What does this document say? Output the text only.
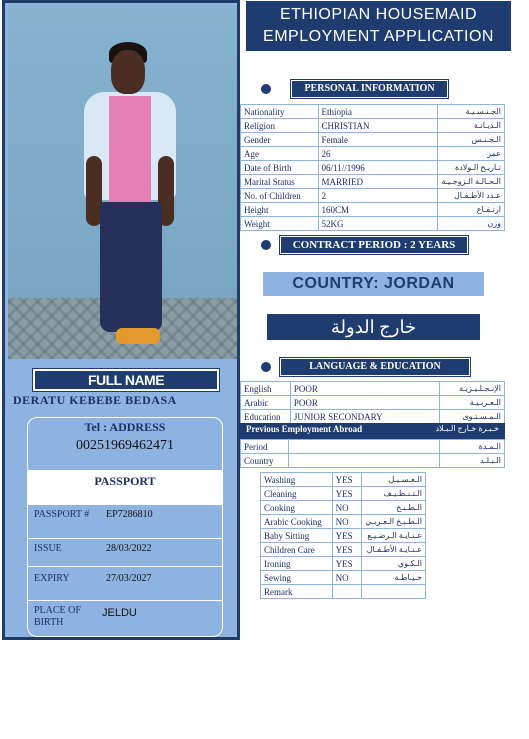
FULL NAME
DERATU KEBEBE BEDASA
Tel : ADDRESS
00251969462471
PASSPORT
PASSPORT # EP7286810
ISSUE	28/03/2022
EXPIRY	27/03/2027
PLACE OF
BIRTH
JELDU
ETHIOPIAN HOUSEMAID
EMPLOYMENT APPLICATION
PERSONAL INFORMATION
Nationality	Ethiopia	الجـنـسـيـة
Religion	CHRISTIAN	الـديـانـة
Gender	Female	الـجـنـس
Age	26	عمر
Date of Birth	06/11//1996	تـاريـخ الـولادة
Marital Status	MARRIED	الـحـالـة الـزوجـيـة
No. of Children	2	عـدد الأطـفـال
Height	160CM	ارتـفـاع
Weight	52KG	وزن
CONTRACT PERIOD : 2 YEARS
COUNTRY: JORDAN
خارج الدولة
LANGUAGE & EDUCATION
English	POOR	الإنـجـلـيـزيـة
Arabic	POOR	الـعـربـيـة
Education	JUNIOR SECONDARY	الـمـسـتـوى
Previous Employment Abroad	خـبـرة خـارج الـبـلاد
Period		الـمـدة
Country		الـبـلـد
Washing	YES	الـغـسـيـل
Cleaning	YES	الـتـنـظـيـف
Cooking	NO	الـطـبـخ
Arabic Cooking	NO	الـطـبـخ الـعـربـي
Baby Sitting	YES	عـنـايـة الـرضـيـع
Children Care	YES	عـنـايـة الأطـفـال
Ironing	YES	الـكـوي
Sewing	NO	خـيـاطـة
Remark		
